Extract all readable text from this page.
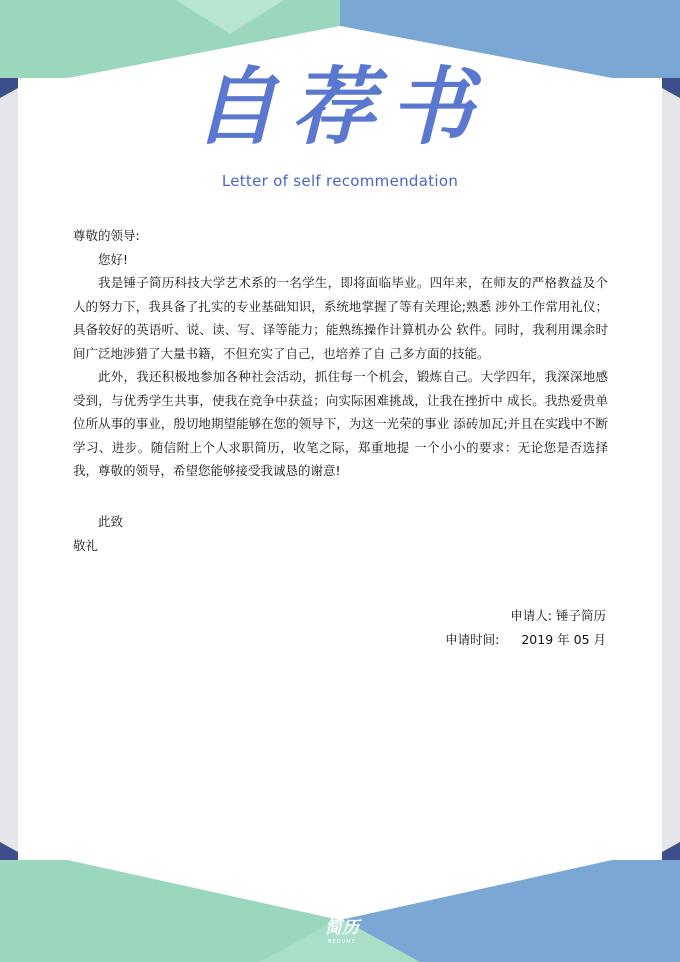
自荐书
Letter of self recommendation

尊敬的领导:

您好!

我是锤子简历科技大学艺术系的一名学生，即将面临毕业。四年来，在师友的严格教益及个人的努力下，我具备了扎实的专业基础知识，系统地掌握了等有关理论;熟悉 涉外工作常用礼仪；具备较好的英语听、说、读、写、译等能力；能熟练操作计算机办公 软件。同时，我利用课余时间广泛地涉猎了大量书籍，不但充实了自己，也培养了自 己多方面的技能。

此外，我还积极地参加各种社会活动，抓住每一个机会，锻炼自己。大学四年，我深深地感受到，与优秀学生共事，使我在竞争中获益；向实际困难挑战，让我在挫折中 成长。我热爱贵单位所从事的事业，殷切地期望能够在您的领导下，为这一光荣的事业 添砖加瓦;并且在实践中不断学习、进步。随信附上个人求职简历，收笔之际，郑重地提 一个小小的要求：无论您是否选择我，尊敬的领导，希望您能够接受我诚恳的谢意!

此致

敬礼

申请人: 锤子简历

申请时间: 2019 年 05 月

简历
BEDUME
